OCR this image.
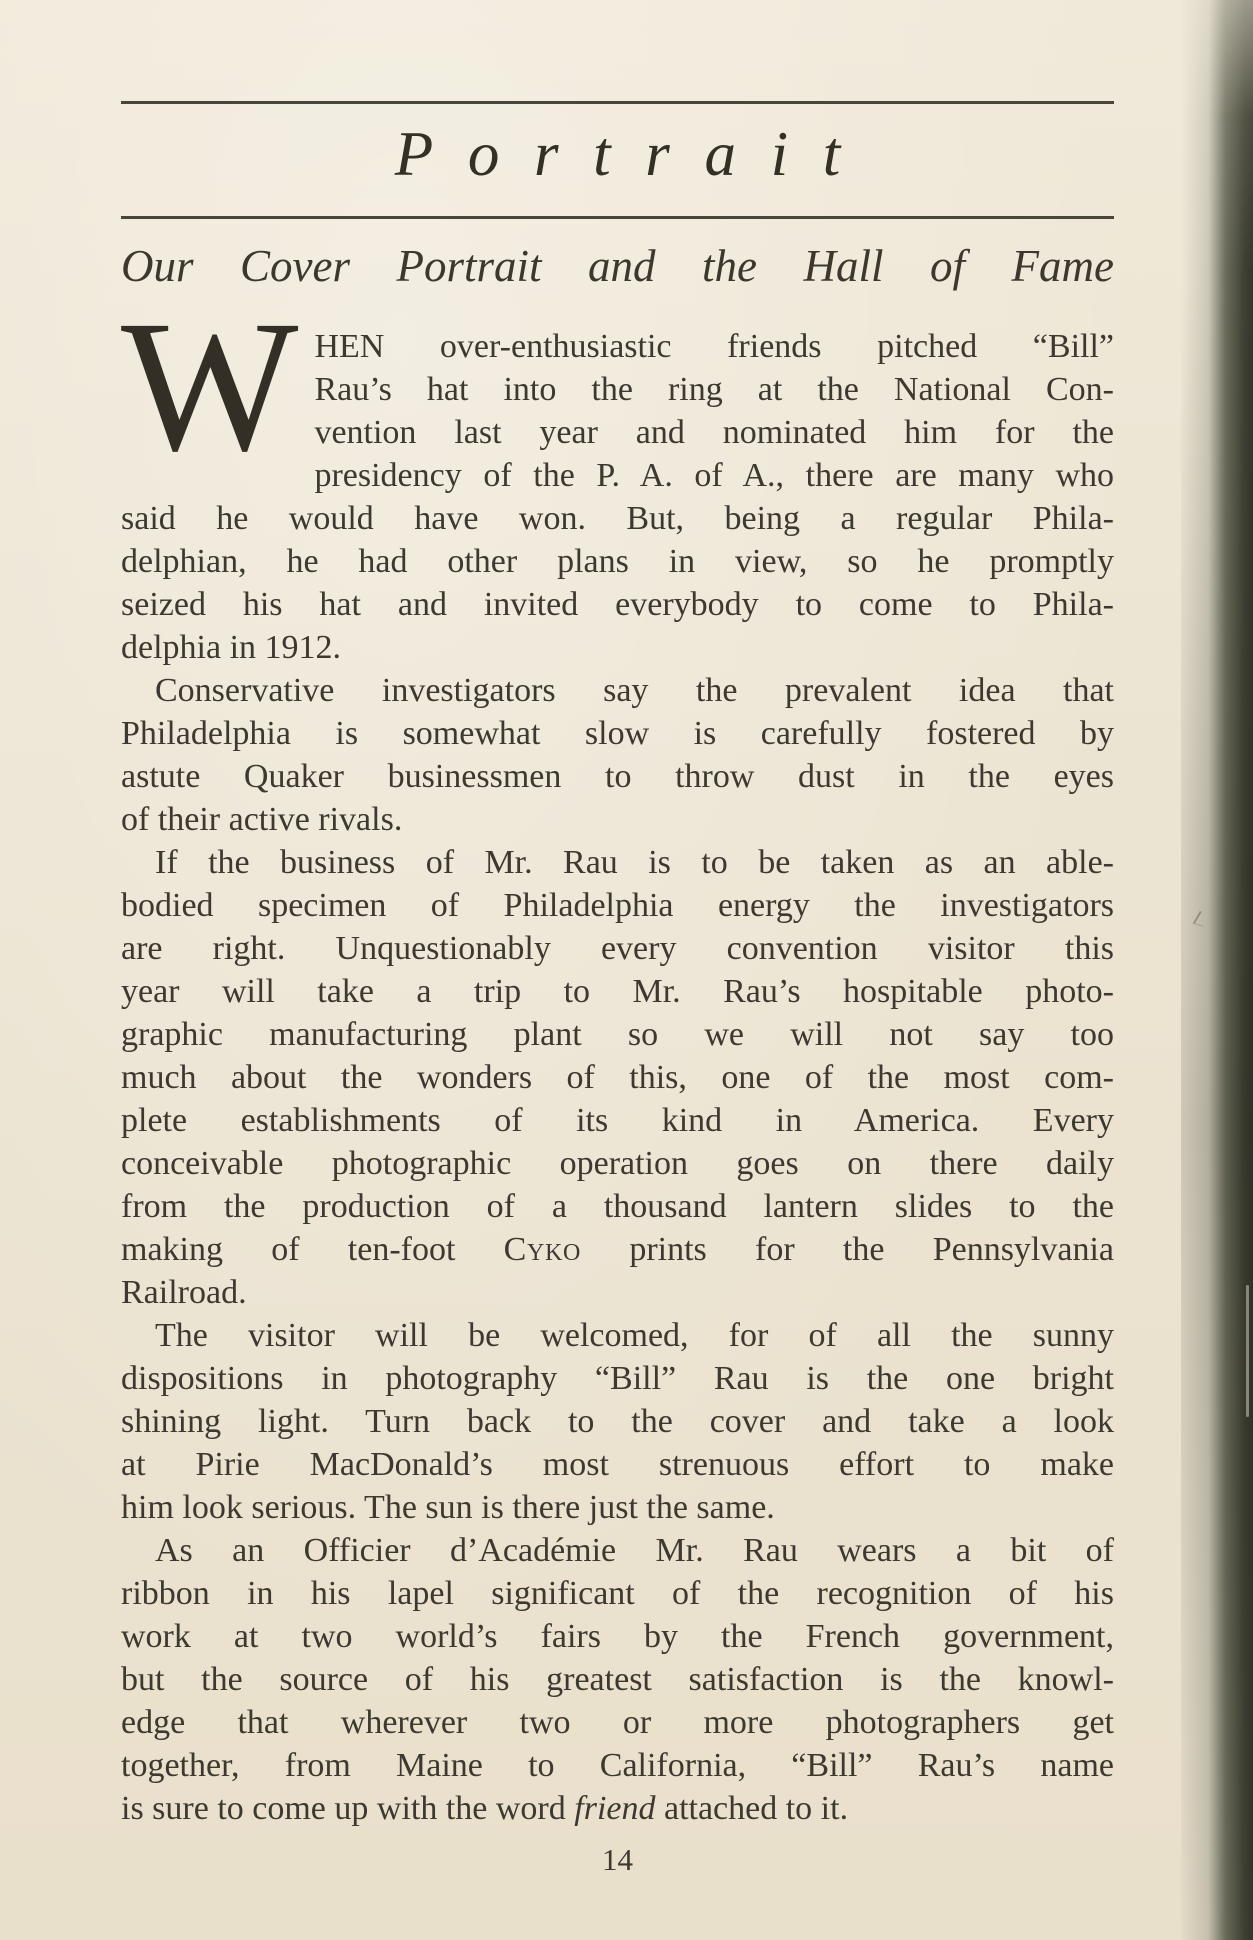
Portrait
Our Cover Portrait and the Hall of Fame
W HEN over-enthusiastic friends pitched “Bill”
Rau’s hat into the ring at the National Con-
vention last year and nominated him for the
presidency of the P. A. of A., there are many who
said he would have won. But, being a regular Phila-
delphian, he had other plans in view, so he promptly
seized his hat and invited everybody to come to Phila-
delphia in 1912.
Conservative investigators say the prevalent idea that
Philadelphia is somewhat slow is carefully fostered by
astute Quaker businessmen to throw dust in the eyes
of their active rivals.
If the business of Mr. Rau is to be taken as an able-
bodied specimen of Philadelphia energy the investigators
are right. Unquestionably every convention visitor this
year will take a trip to Mr. Rau’s hospitable photo-
graphic manufacturing plant so we will not say too
much about the wonders of this, one of the most com-
plete establishments of its kind in America. Every
conceivable photographic operation goes on there daily
from the production of a thousand lantern slides to the
making of ten-foot Cyko prints for the Pennsylvania
Railroad.
The visitor will be welcomed, for of all the sunny
dispositions in photography “Bill” Rau is the one bright
shining light. Turn back to the cover and take a look
at Pirie MacDonald’s most strenuous effort to make
him look serious. The sun is there just the same.
As an Officier d’Académie Mr. Rau wears a bit of
ribbon in his lapel significant of the recognition of his
work at two world’s fairs by the French government,
but the source of his greatest satisfaction is the knowl-
edge that wherever two or more photographers get
together, from Maine to California, “Bill” Rau’s name
is sure to come up with the word friend attached to it.
14
